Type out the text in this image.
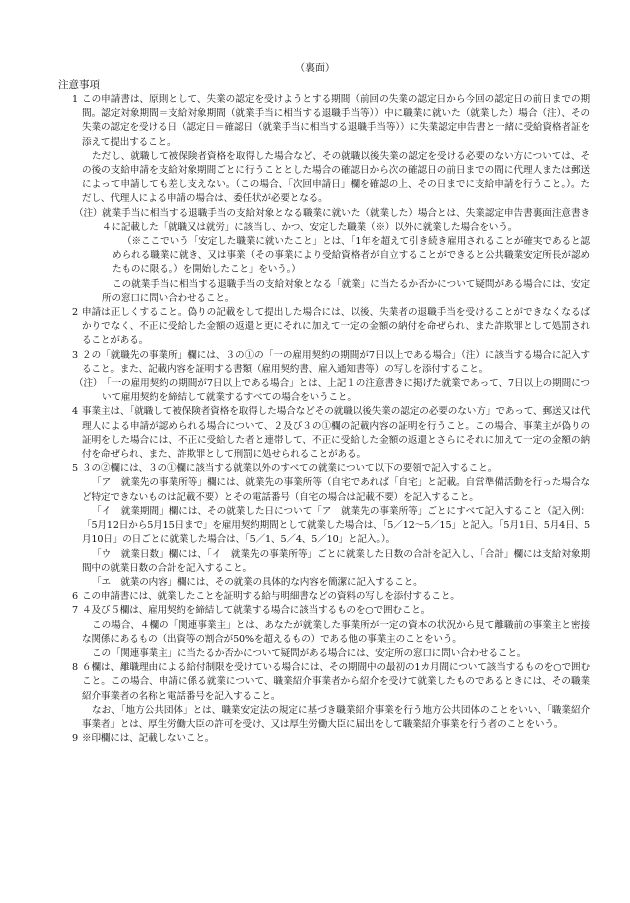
（裏面）
注意事項
1 この申請書は、原則として、失業の認定を受けようとする期間（前回の失業の認定日から今回の認定日の前日までの期間。認定対象期間＝支給対象期間（就業手当に相当する退職手当等））中に職業に就いた（就業した）場合（注）、その失業の認定を受ける日（認定日＝確認日（就業手当に相当する退職手当等））に失業認定申告書と一緒に受給資格者証を添えて提出すること。
ただし、就職して被保険者資格を取得した場合など、その就職以後失業の認定を受ける必要のない方については、その後の支給申請を支給対象期間ごとに行うこととした場合の確認日から次の確認日の前日までの間に代理人または郵送によって申請しても差し支えない。（この場合、「次回申請日」欄を確認の上、その日までに支給申請を行うこと。）。ただし、代理人による申請の場合は、委任状が必要となる。
（注） 就業手当に相当する退職手当の支給対象となる職業に就いた（就業した）場合とは、失業認定申告書裏面注意書き４に記載した「就職又は就労」に該当し、かつ、安定した職業（※）以外に就業した場合をいう。
（※ここでいう「安定した職業に就いたこと」とは、「1年を超えて引き続き雇用されることが確実であると認められる職業に就き、又は事業（その事業により受給資格者が自立することができると公共職業安定所長が認めたものに限る。）を開始したこと」をいう。）
この就業手当に相当する退職手当の支給対象となる「就業」に当たるか否かについて疑問がある場合には、安定所の窓口に問い合わせること。
2 申請は正しくすること。偽りの記載をして提出した場合には、以後、失業者の退職手当を受けることができなくなるばかりでなく、不正に受給した金額の返還と更にそれに加えて一定の金額の納付を命ぜられ、また詐欺罪として処罰されることがある。
3 ２の「就職先の事業所」欄には、３の①の「一の雇用契約の期間が7日以上である場合」（注）に該当する場合に記入すること。また、記載内容を証明する書類（雇用契約書、雇入通知書等）の写しを添付すること。
（注） 「一の雇用契約の期間が7日以上である場合」とは、上記１の注意書きに掲げた就業であって、7日以上の期間について雇用契約を締結して就業するすべての場合をいうこと。
4 事業主は、「就職して被保険者資格を取得した場合などその就職以後失業の認定の必要のない方」であって、郵送又は代理人による申請が認められる場合について、２及び３の①欄の記載内容の証明を行うこと。この場合、事業主が偽りの証明をした場合には、不正に受給した者と連帯して、不正に受給した金額の返還とさらにそれに加えて一定の金額の納付を命ぜられ、また、詐欺罪として刑罰に処せられることがある。
5 ３の②欄には、３の①欄に該当する就業以外のすべての就業について以下の要領で記入すること。
「ア　就業先の事業所等」欄には、就業先の事業所等（自宅であれば「自宅」と記載。自営準備活動を行った場合など特定できないものは記載不要）とその電話番号（自宅の場合は記載不要）を記入すること。
「イ　就業期間」欄には、その就業した日について「ア　就業先の事業所等」ごとにすべて記入すること（記入例：「5月12日から5月15日まで」を雇用契約期間として就業した場合は、「5／12～5／15」と記入。「5月1日、5月4日、5月10日」の日ごとに就業した場合は、「5／1、5／4、5／10」と記入。）。
「ウ　就業日数」欄には、「イ　就業先の事業所等」ごとに就業した日数の合計を記入し、「合計」欄には支給対象期間中の就業日数の合計を記入すること。
「エ　就業の内容」欄には、その就業の具体的な内容を簡潔に記入すること。
6 この申請書には、就業したことを証明する給与明細書などの資料の写しを添付すること。
7 ４及び５欄は、雇用契約を締結して就業する場合に該当するものを○で囲むこと。
この場合、４欄の「関連事業主」とは、あなたが就業した事業所が一定の資本の状況から見て離職前の事業主と密接な関係にあるもの（出資等の割合が50%を超えるもの）である他の事業主のことをいう。
この「関連事業主」に当たるか否かについて疑問がある場合には、安定所の窓口に問い合わせること。
8 ６欄は、離職理由による給付制限を受けている場合には、その期間中の最初の1カ月間について該当するものを○で囲むこと。この場合、申請に係る就業について、職業紹介事業者から紹介を受けて就業したものであるときには、その職業紹介事業者の名称と電話番号を記入すること。
なお、「地方公共団体」とは、職業安定法の規定に基づき職業紹介事業を行う地方公共団体のことをいい、「職業紹介事業者」とは、厚生労働大臣の許可を受け、又は厚生労働大臣に届出をして職業紹介事業を行う者のことをいう。
9 ※印欄には、記載しないこと。
